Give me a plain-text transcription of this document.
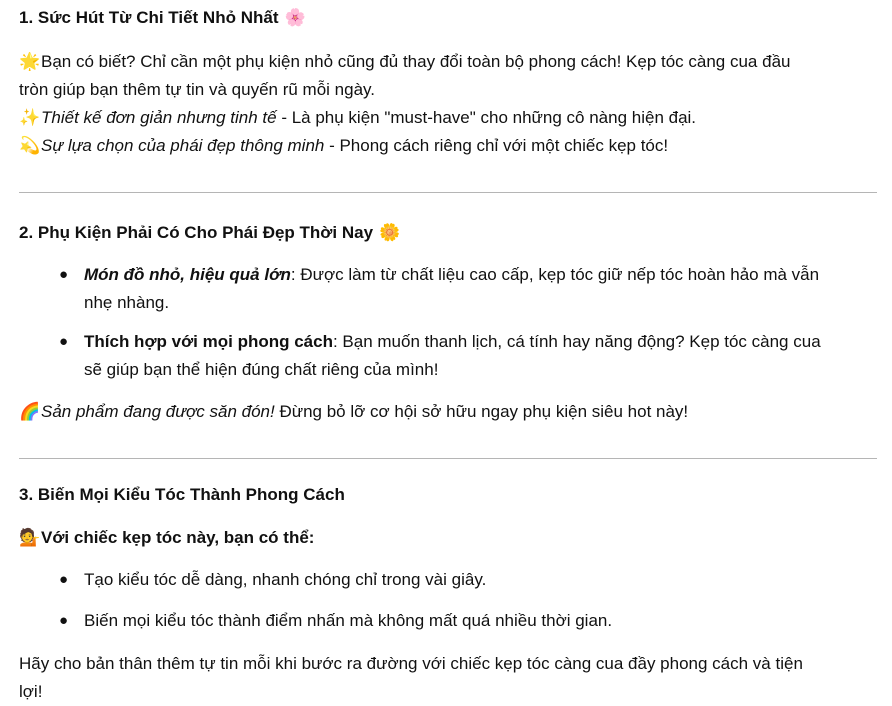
1. Sức Hút Từ Chi Tiết Nhỏ Nhất 🌸
🌟Bạn có biết? Chỉ cần một phụ kiện nhỏ cũng đủ thay đổi toàn bộ phong cách! Kẹp tóc càng cua đầu
tròn giúp bạn thêm tự tin và quyến rũ mỗi ngày.
✨Thiết kế đơn giản nhưng tinh tế - Là phụ kiện "must-have" cho những cô nàng hiện đại.
💫Sự lựa chọn của phái đẹp thông minh - Phong cách riêng chỉ với một chiếc kẹp tóc!
2. Phụ Kiện Phải Có Cho Phái Đẹp Thời Nay 🌼
● Món đồ nhỏ, hiệu quả lớn: Được làm từ chất liệu cao cấp, kẹp tóc giữ nếp tóc hoàn hảo mà vẫn
nhẹ nhàng.
● Thích hợp với mọi phong cách: Bạn muốn thanh lịch, cá tính hay năng động? Kẹp tóc càng cua
sẽ giúp bạn thể hiện đúng chất riêng của mình!
🌈Sản phẩm đang được săn đón! Đừng bỏ lỡ cơ hội sở hữu ngay phụ kiện siêu hot này!
3. Biến Mọi Kiểu Tóc Thành Phong Cách
💁Với chiếc kẹp tóc này, bạn có thể:
● Tạo kiểu tóc dễ dàng, nhanh chóng chỉ trong vài giây.
● Biến mọi kiểu tóc thành điểm nhấn mà không mất quá nhiều thời gian.
Hãy cho bản thân thêm tự tin mỗi khi bước ra đường với chiếc kẹp tóc càng cua đầy phong cách và tiện
lợi!
